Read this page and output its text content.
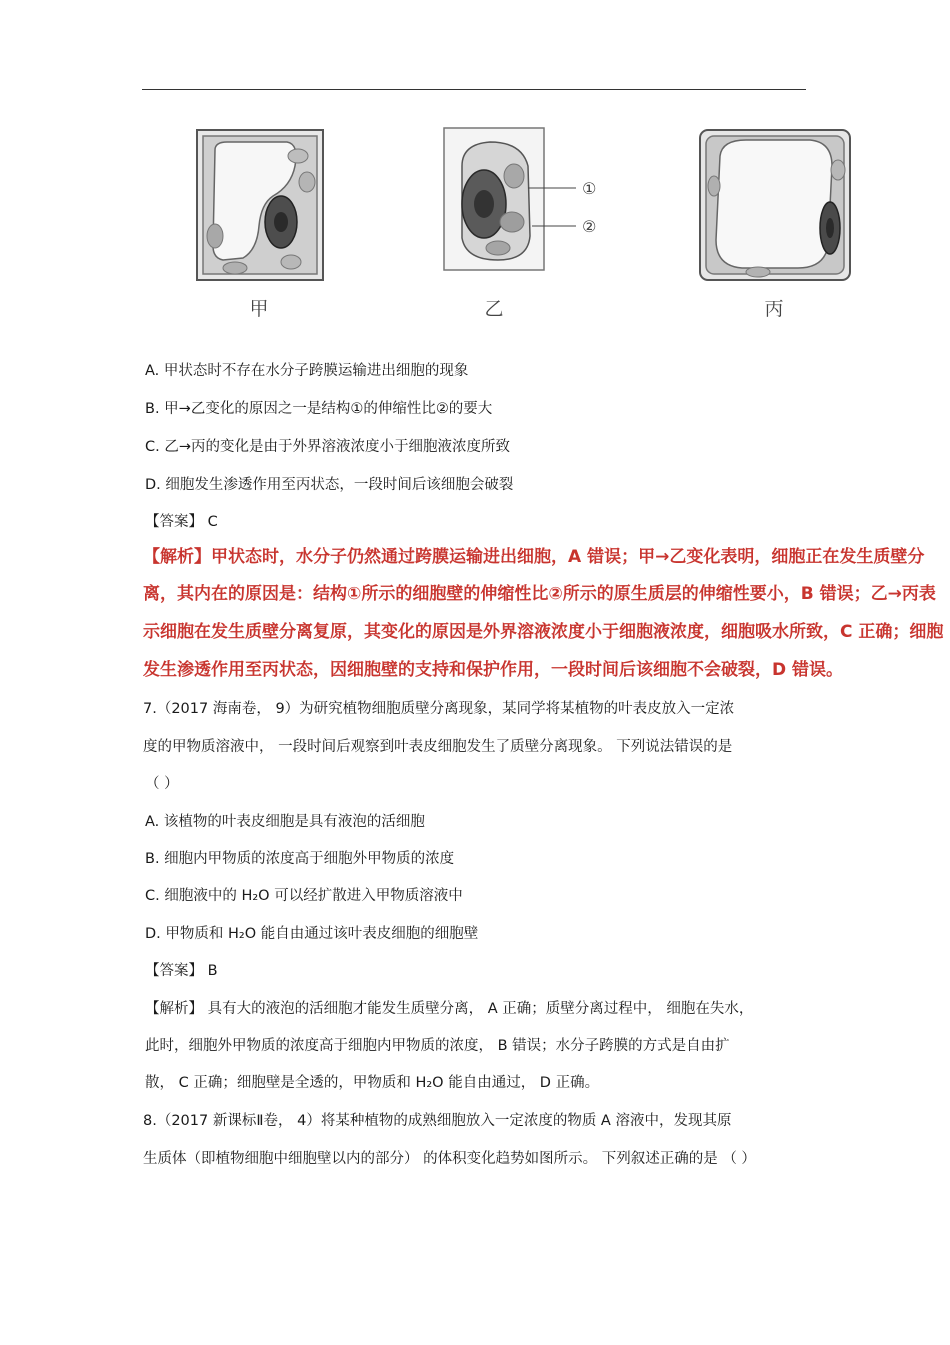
甲
①
②
乙	丙
A. 甲状态时不存在水分子跨膜运输进出细胞的现象
B. 甲→乙变化的原因之一是结构①的伸缩性比②的要大
C. 乙→丙的变化是由于外界溶液浓度小于细胞液浓度所致
D. 细胞发生渗透作用至丙状态，一段时间后该细胞会破裂
【答案】 C
【解析】甲状态时，水分子仍然通过跨膜运输进出细胞，A 错误；甲→乙变化表明，细胞正在发生质壁分
离，其内在的原因是：结构①所示的细胞壁的伸缩性比②所示的原生质层的伸缩性要小，B 错误；乙→丙表
示细胞在发生质壁分离复原，其变化的原因是外界溶液浓度小于细胞液浓度，细胞吸水所致，C 正确；细胞
发生渗透作用至丙状态，因细胞壁的支持和保护作用，一段时间后该细胞不会破裂，D 错误。
7.（2017 海南卷， 9）为研究植物细胞质壁分离现象，某同学将某植物的叶表皮放入一定浓
度的甲物质溶液中， 一段时间后观察到叶表皮细胞发生了质壁分离现象。 下列说法错误的是
（ ）
A. 该植物的叶表皮细胞是具有液泡的活细胞
B. 细胞内甲物质的浓度高于细胞外甲物质的浓度
C. 细胞液中的 H₂O 可以经扩散进入甲物质溶液中
D. 甲物质和 H₂O 能自由通过该叶表皮细胞的细胞壁
【答案】 B
【解析】 具有大的液泡的活细胞才能发生质壁分离， A 正确；质壁分离过程中， 细胞在失水，
此时，细胞外甲物质的浓度高于细胞内甲物质的浓度， B 错误；水分子跨膜的方式是自由扩
散， C 正确；细胞壁是全透的，甲物质和 H₂O 能自由通过， D 正确。
8.（2017 新课标Ⅱ卷， 4）将某种植物的成熟细胞放入一定浓度的物质 A 溶液中，发现其原
生质体（即植物细胞中细胞壁以内的部分） 的体积变化趋势如图所示。 下列叙述正确的是 （ ）
